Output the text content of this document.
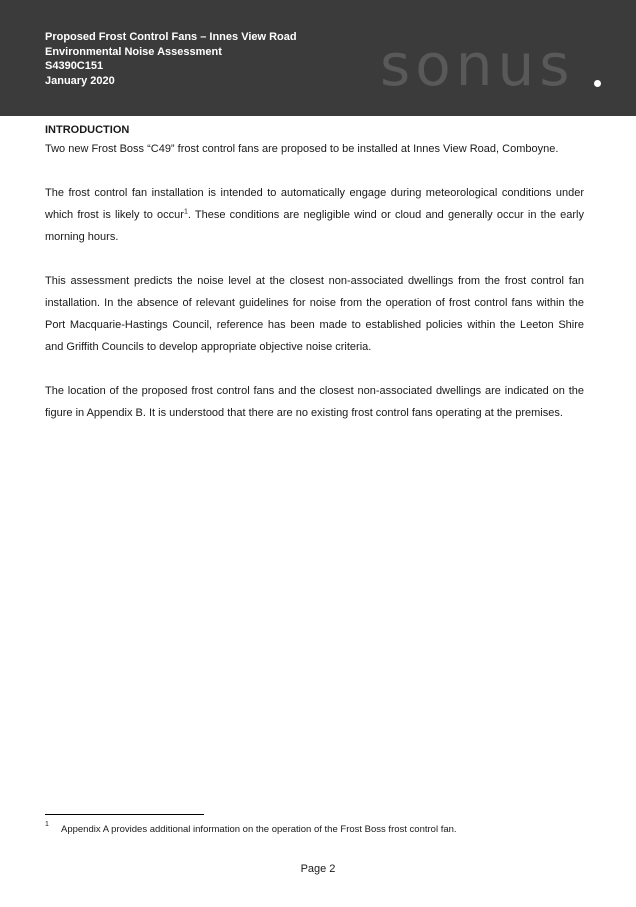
Proposed Frost Control Fans – Innes View Road
Environmental Noise Assessment
S4390C151
January 2020	sonus
INTRODUCTION

Two new Frost Boss “C49” frost control fans are proposed to be installed at Innes View Road, Comboyne.

The frost control fan installation is intended to automatically engage during meteorological conditions under which frost is likely to occur$^1$. These conditions are negligible wind or cloud and generally occur in the early morning hours.

This assessment predicts the noise level at the closest non-associated dwellings from the frost control fan installation. In the absence of relevant guidelines for noise from the operation of frost control fans within the Port Macquarie-Hastings Council, reference has been made to established policies within the Leeton Shire and Griffith Councils to develop appropriate objective noise criteria.

The location of the proposed frost control fans and the closest non-associated dwellings are indicated on the figure in Appendix B. It is understood that there are no existing frost control fans operating at the premises.

1 Appendix A provides additional information on the operation of the Frost Boss frost control fan.
Page 2
